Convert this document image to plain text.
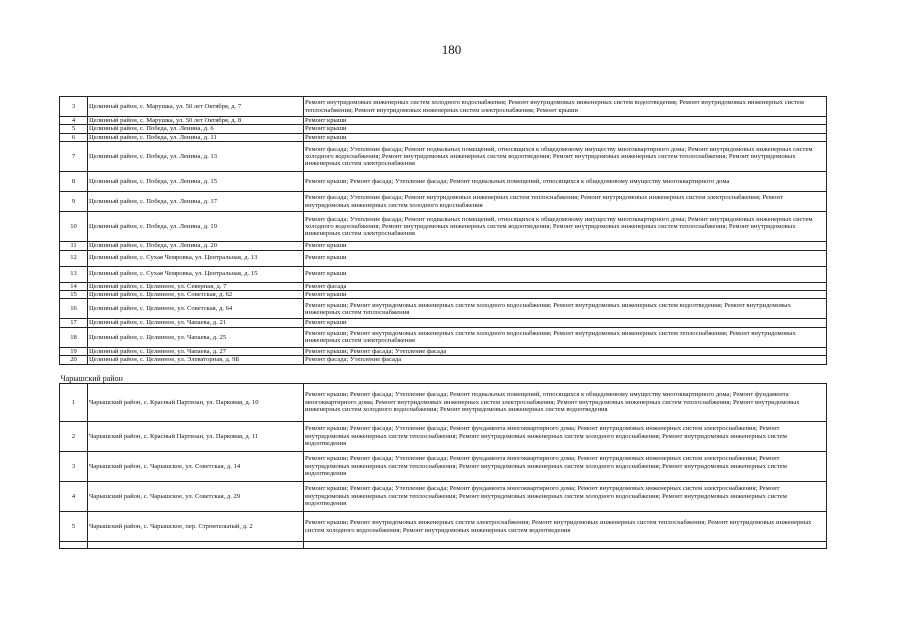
180
3	Целинный район, с. Марушка, ул. 50 лет Октября, д. 7	Ремонт внутридомовых инженерных систем холодного водоснабжения; Ремонт внутридомовых инженерных систем водоотведения; Ремонт внутридомовых инженерных систем теплоснабжения; Ремонт внутридомовых инженерных систем электроснабжения; Ремонт крыши
4	Целинный район, с. Марушка, ул. 50 лет Октября, д. 8	Ремонт крыши
5	Целинный район, с. Победа, ул. Ленина, д. 6	Ремонт крыши
6	Целинный район, с. Победа, ул. Ленина, д. 11	Ремонт крыши
7	Целинный район, с. Победа, ул. Ленина, д. 13	Ремонт фасада; Утепление фасада; Ремонт подвальных помещений, относящихся к общедомовому имуществу многоквартирного дома; Ремонт внутридомовых инженерных систем холодного водоснабжения; Ремонт внутридомовых инженерных систем водоотведения; Ремонт внутридомовых инженерных систем теплоснабжения; Ремонт внутридомовых инженерных систем электроснабжения
8	Целинный район, с. Победа, ул. Ленина, д. 15	Ремонт крыши; Ремонт фасада; Утепление фасада; Ремонт подвальных помещений, относящихся к общедомовому имуществу многоквартирного дома
9	Целинный район, с. Победа, ул. Ленина, д. 17	Ремонт фасада; Утепление фасада; Ремонт внутридомовых инженерных систем теплоснабжения; Ремонт внутридомовых инженерных систем электроснабжения; Ремонт внутридомовых инженерных систем холодного водоснабжения
10	Целинный район, с. Победа, ул. Ленина, д. 19	Ремонт фасада; Утепление фасада; Ремонт подвальных помещений, относящихся к общедомовому имуществу многоквартирного дома; Ремонт внутридомовых инженерных систем холодного водоснабжения; Ремонт внутридомовых инженерных систем водоотведения; Ремонт внутридомовых инженерных систем теплоснабжения; Ремонт внутридомовых инженерных систем электроснабжения
11	Целинный район, с. Победа, ул. Ленина, д. 20	Ремонт крыши
12	Целинный район, с. Сухая Чемровка, ул. Центральная, д. 13	Ремонт крыши
13	Целинный район, с. Сухая Чемровка, ул. Центральная, д. 15	Ремонт крыши
14	Целинный район, с. Целинное, ул. Северная, д. 7	Ремонт фасада
15	Целинный район, с. Целинное, ул. Советская, д. 62	Ремонт крыши
16	Целинный район, с. Целинное, ул. Советская, д. 64	Ремонт крыши; Ремонт внутридомовых инженерных систем холодного водоснабжения; Ремонт внутридомовых инженерных систем водоотведения; Ремонт внутридомовых инженерных систем теплоснабжения
17	Целинный район, с. Целинное, ул. Чапаева, д. 21	Ремонт крыши
18	Целинный район, с. Целинное, ул. Чапаева, д. 25	Ремонт крыши; Ремонт внутридомовых инженерных систем холодного водоснабжения; Ремонт внутридомовых инженерных систем теплоснабжения; Ремонт внутридомовых инженерных систем электроснабжения
19	Целинный район, с. Целинное, ул. Чапаева, д. 27	Ремонт крыши; Ремонт фасада; Утепление фасада
20	Целинный район, с. Целинное, ул. Элеваторная, д. 9Б	Ремонт фасада; Утепление фасада
Чарышский район		
1	Чарышский район, с. Красный Партизан, ул. Парковая, д. 10	Ремонт крыши; Ремонт фасада; Утепление фасада; Ремонт подвальных помещений, относящихся к общедомовому имуществу многоквартирного дома; Ремонт фундамента многоквартирного дома; Ремонт внутридомовых инженерных систем электроснабжения; Ремонт внутридомовых инженерных систем теплоснабжения; Ремонт внутридомовых инженерных систем холодного водоснабжения; Ремонт внутридомовых инженерных систем водоотведения
2	Чарышский район, с. Красный Партизан, ул. Парковая, д. 11	Ремонт крыши; Ремонт фасада; Утепление фасада; Ремонт фундамента многоквартирного дома; Ремонт внутридомовых инженерных систем электроснабжения; Ремонт внутридомовых инженерных систем теплоснабжения; Ремонт внутридомовых инженерных систем холодного водоснабжения; Ремонт внутридомовых инженерных систем водоотведения
3	Чарышский район, с. Чарышское, ул. Советская, д. 14	Ремонт крыши; Ремонт фасада; Утепление фасада; Ремонт фундамента многоквартирного дома; Ремонт внутридомовых инженерных систем электроснабжения; Ремонт внутридомовых инженерных систем теплоснабжения; Ремонт внутридомовых инженерных систем холодного водоснабжения; Ремонт внутридомовых инженерных систем водоотведения
4	Чарышский район, с. Чарышское, ул. Советская, д. 29	Ремонт крыши; Ремонт фасада; Утепление фасада; Ремонт фундамента многоквартирного дома; Ремонт внутридомовых инженерных систем электроснабжения; Ремонт внутридомовых инженерных систем теплоснабжения; Ремонт внутридомовых инженерных систем холодного водоснабжения; Ремонт внутридомовых инженерных систем водоотведения
5	Чарышский район, с. Чарышское, пер. Строительный, д. 2	Ремонт крыши; Ремонт внутридомовых инженерных систем электроснабжения; Ремонт внутридомовых инженерных систем теплоснабжения; Ремонт внутридомовых инженерных систем холодного водоснабжения; Ремонт внутридомовых инженерных систем водоотведения
